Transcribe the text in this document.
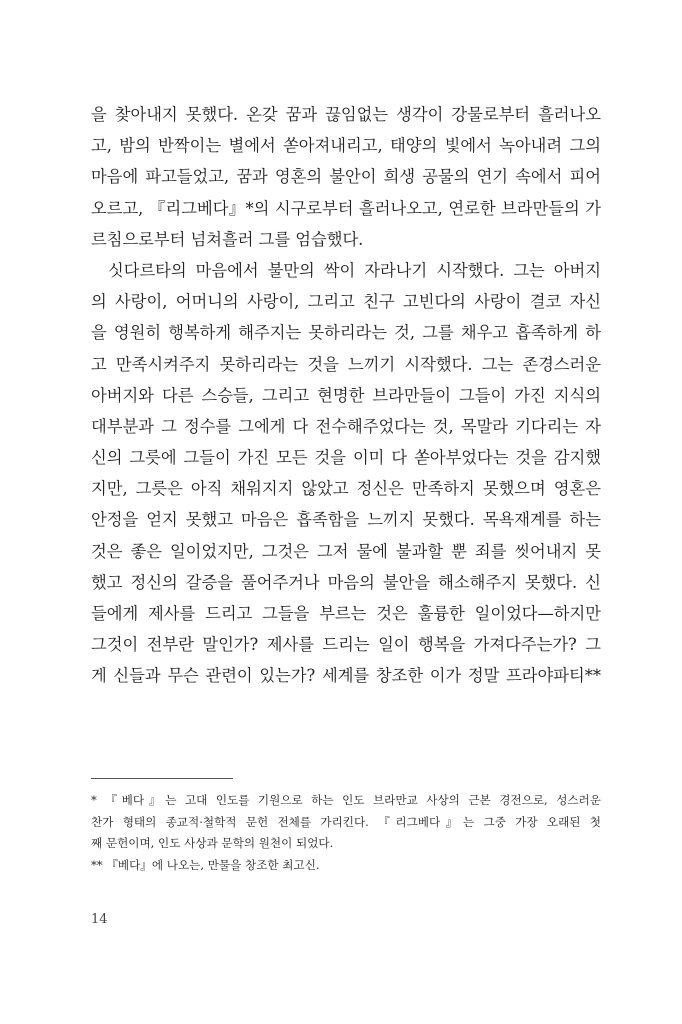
을 찾아내지 못했다. 온갖 꿈과 끊임없는 생각이 강물로부터 흘러나오
고, 밤의 반짝이는 별에서 쏟아져내리고, 태양의 빛에서 녹아내려 그의
마음에 파고들었고, 꿈과 영혼의 불안이 희생 공물의 연기 속에서 피어
오르고, 『리그베다』*의 시구로부터 흘러나오고, 연로한 브라만들의 가
르침으로부터 넘쳐흘러 그를 엄습했다.
싯다르타의 마음에서 불만의 싹이 자라나기 시작했다. 그는 아버지
의 사랑이, 어머니의 사랑이, 그리고 친구 고빈다의 사랑이 결코 자신
을 영원히 행복하게 해주지는 못하리라는 것, 그를 채우고 흡족하게 하
고 만족시켜주지 못하리라는 것을 느끼기 시작했다. 그는 존경스러운
아버지와 다른 스승들, 그리고 현명한 브라만들이 그들이 가진 지식의
대부분과 그 정수를 그에게 다 전수해주었다는 것, 목말라 기다리는 자
신의 그릇에 그들이 가진 모든 것을 이미 다 쏟아부었다는 것을 감지했
지만, 그릇은 아직 채워지지 않았고 정신은 만족하지 못했으며 영혼은
안정을 얻지 못했고 마음은 흡족함을 느끼지 못했다. 목욕재계를 하는
것은 좋은 일이었지만, 그것은 그저 물에 불과할 뿐 죄를 씻어내지 못
했고 정신의 갈증을 풀어주거나 마음의 불안을 해소해주지 못했다. 신
들에게 제사를 드리고 그들을 부르는 것은 훌륭한 일이었다—하지만
그것이 전부란 말인가? 제사를 드리는 일이 행복을 가져다주는가? 그
게 신들과 무슨 관련이 있는가? 세계를 창조한 이가 정말 프라야파티**
* 『베다』는 고대 인도를 기원으로 하는 인도 브라만교 사상의 근본 경전으로, 성스러운
찬가 형태의 종교적·철학적 문헌 전체를 가리킨다. 『리그베다』는 그중 가장 오래된 첫
째 문헌이며, 인도 사상과 문학의 원천이 되었다.
** 『베다』에 나오는, 만물을 창조한 최고신.
14
